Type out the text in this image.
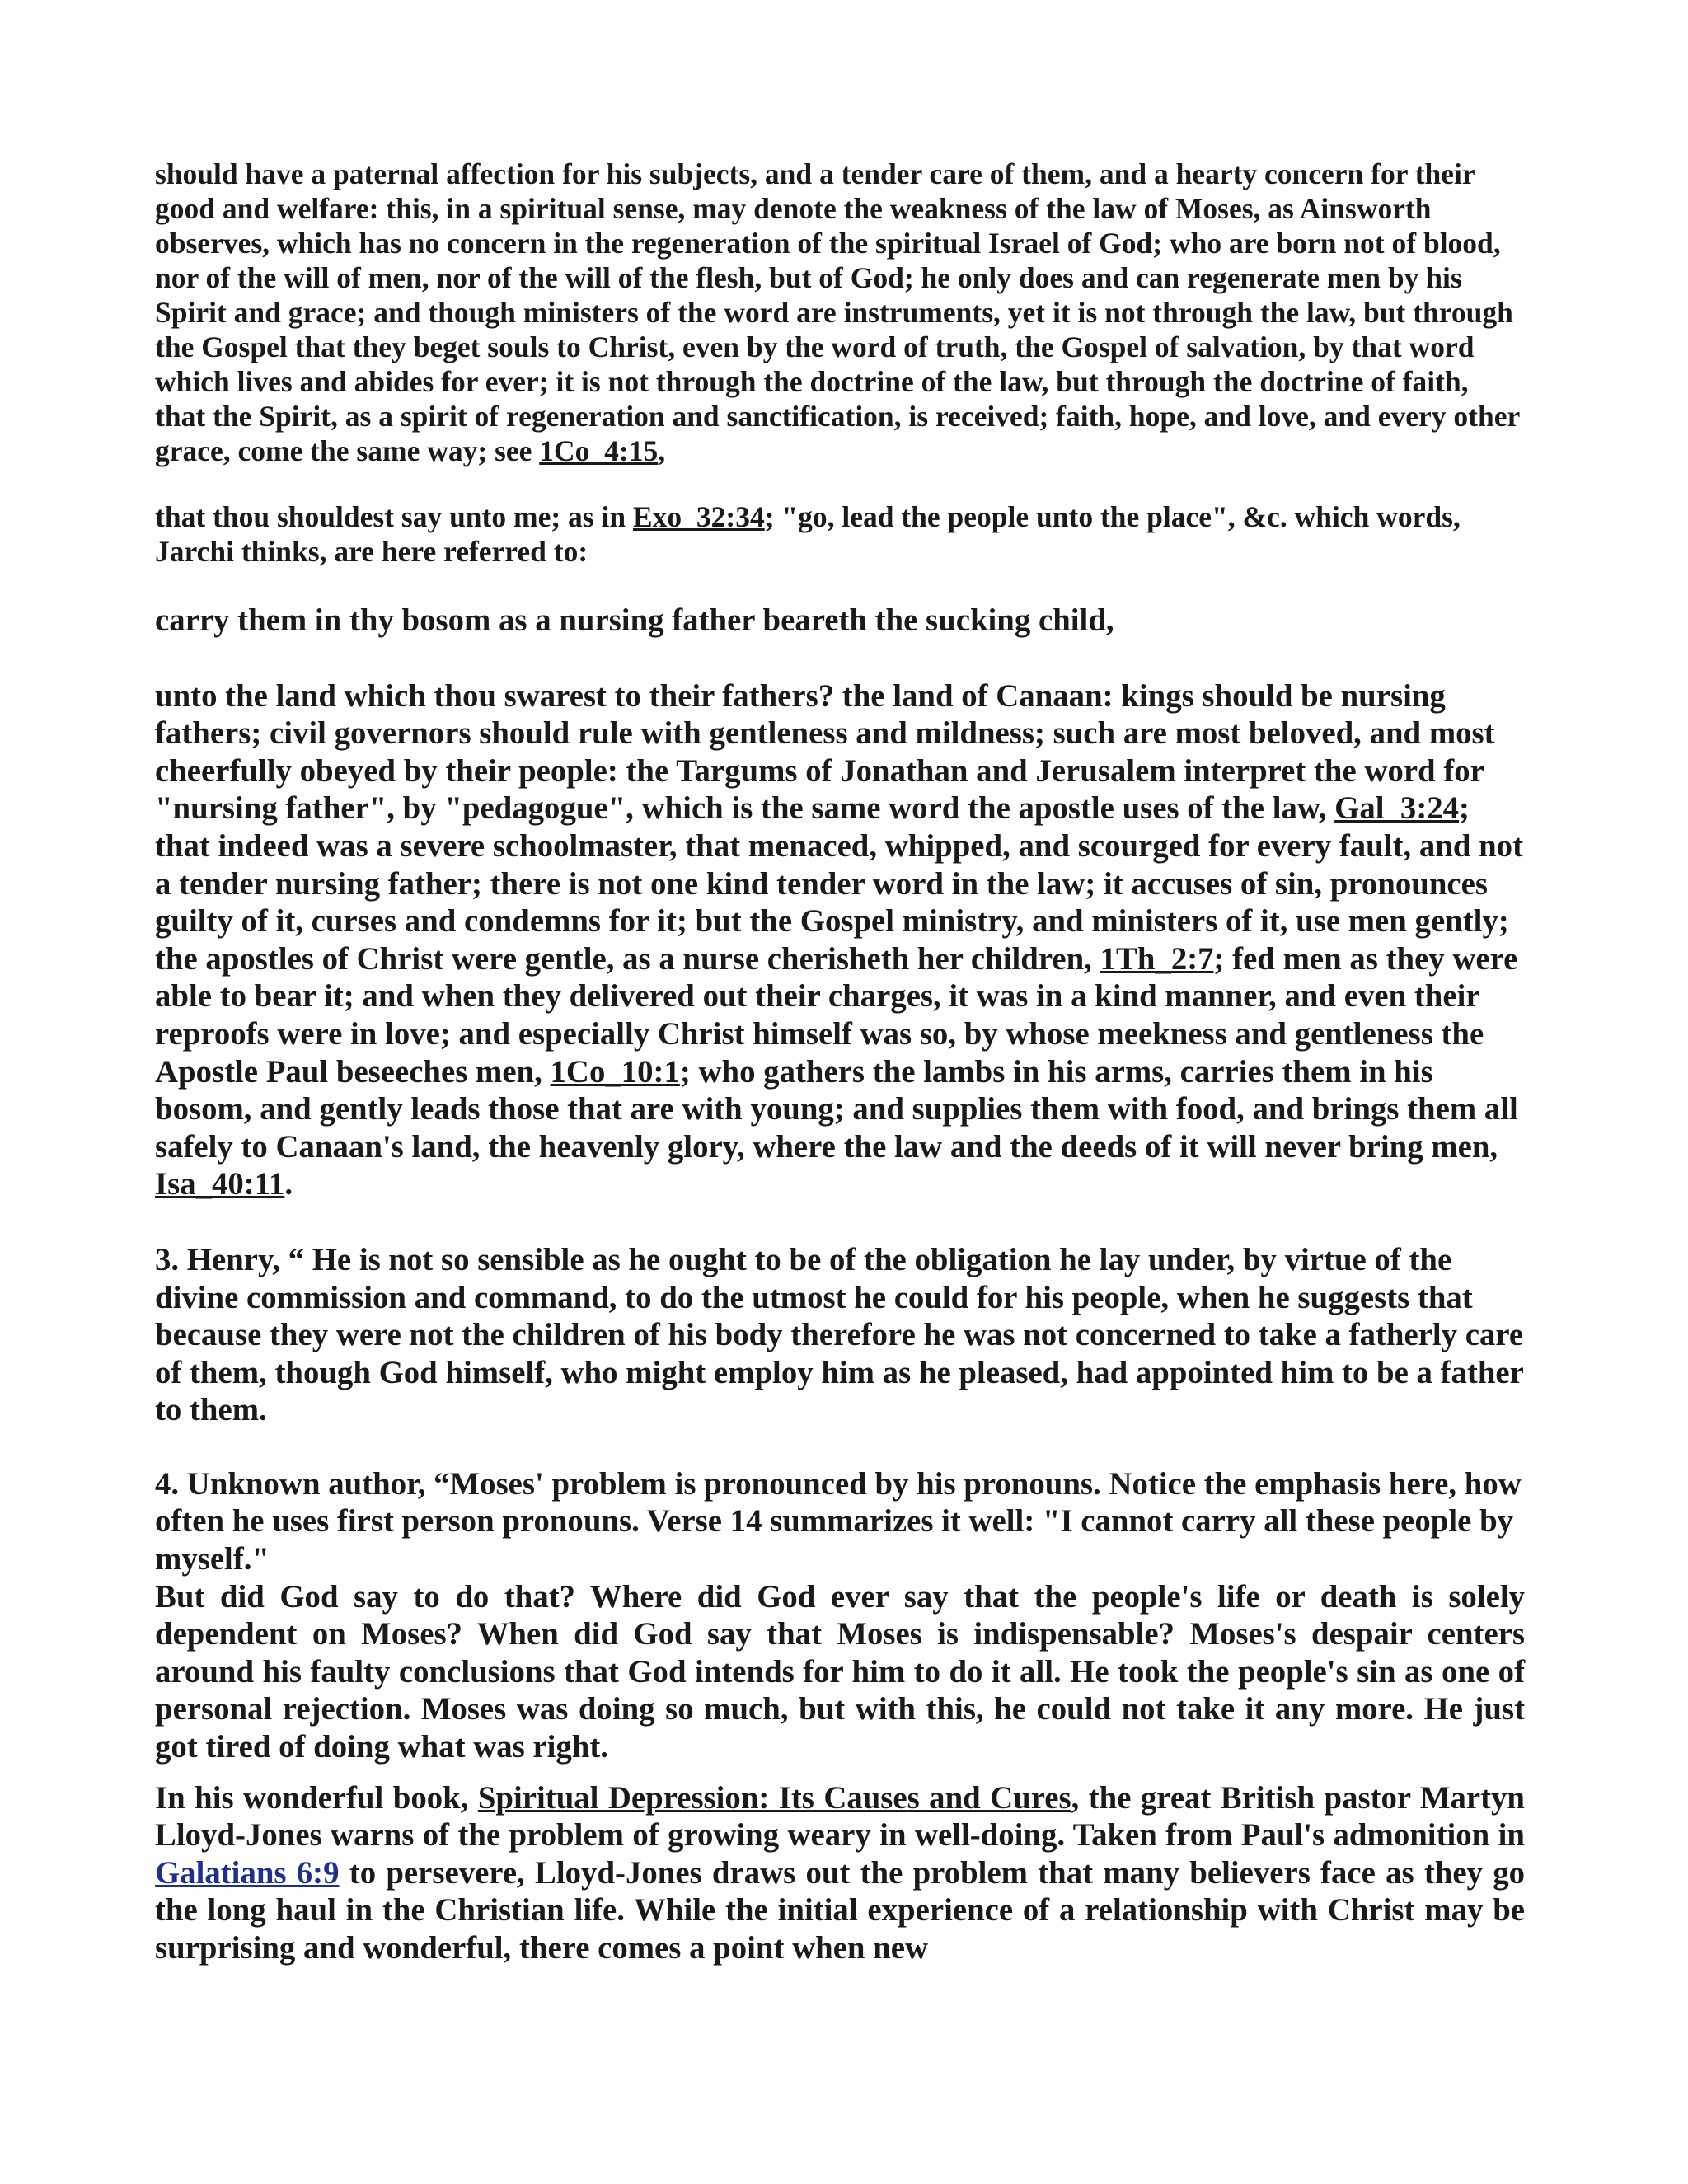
should have a paternal affection for his subjects, and a tender care of them, and a hearty concern for their good and welfare: this, in a spiritual sense, may denote the weakness of the law of Moses, as Ainsworth observes, which has no concern in the regeneration of the spiritual Israel of God; who are born not of blood, nor of the will of men, nor of the will of the flesh, but of God; he only does and can regenerate men by his Spirit and grace; and though ministers of the word are instruments, yet it is not through the law, but through the Gospel that they beget souls to Christ, even by the word of truth, the Gospel of salvation, by that word which lives and abides for ever; it is not through the doctrine of the law, but through the doctrine of faith, that the Spirit, as a spirit of regeneration and sanctification, is received; faith, hope, and love, and every other grace, come the same way; see 1Co_4:15,

that thou shouldest say unto me; as in Exo_32:34; "go, lead the people unto the place", &c. which words, Jarchi thinks, are here referred to:

carry them in thy bosom as a nursing father beareth the sucking child,

unto the land which thou swarest to their fathers? the land of Canaan: kings should be nursing fathers; civil governors should rule with gentleness and mildness; such are most beloved, and most cheerfully obeyed by their people: the Targums of Jonathan and Jerusalem interpret the word for "nursing father", by "pedagogue", which is the same word the apostle uses of the law, Gal_3:24; that indeed was a severe schoolmaster, that menaced, whipped, and scourged for every fault, and not a tender nursing father; there is not one kind tender word in the law; it accuses of sin, pronounces guilty of it, curses and condemns for it; but the Gospel ministry, and ministers of it, use men gently; the apostles of Christ were gentle, as a nurse cherisheth her children, 1Th_2:7; fed men as they were able to bear it; and when they delivered out their charges, it was in a kind manner, and even their reproofs were in love; and especially Christ himself was so, by whose meekness and gentleness the Apostle Paul beseeches men, 1Co_10:1; who gathers the lambs in his arms, carries them in his bosom, and gently leads those that are with young; and supplies them with food, and brings them all safely to Canaan's land, the heavenly glory, where the law and the deeds of it will never bring men, Isa_40:11.

3. Henry, “ He is not so sensible as he ought to be of the obligation he lay under, by virtue of the divine commission and command, to do the utmost he could for his people, when he suggests that because they were not the children of his body therefore he was not concerned to take a fatherly care of them, though God himself, who might employ him as he pleased, had appointed him to be a father to them.

4. Unknown author, “Moses' problem is pronounced by his pronouns. Notice the emphasis here, how often he uses first person pronouns. Verse 14 summarizes it well: "I cannot carry all these people by myself."

But did God say to do that? Where did God ever say that the people's life or death is solely dependent on Moses? When did God say that Moses is indispensable? Moses's despair centers around his faulty conclusions that God intends for him to do it all. He took the people's sin as one of personal rejection. Moses was doing so much, but with this, he could not take it any more. He just got tired of doing what was right.

In his wonderful book, Spiritual Depression: Its Causes and Cures, the great British pastor Martyn Lloyd-Jones warns of the problem of growing weary in well-doing. Taken from Paul's admonition in Galatians 6:9 to persevere, Lloyd-Jones draws out the problem that many believers face as they go the long haul in the Christian life. While the initial experience of a relationship with Christ may be surprising and wonderful, there comes a point when new
